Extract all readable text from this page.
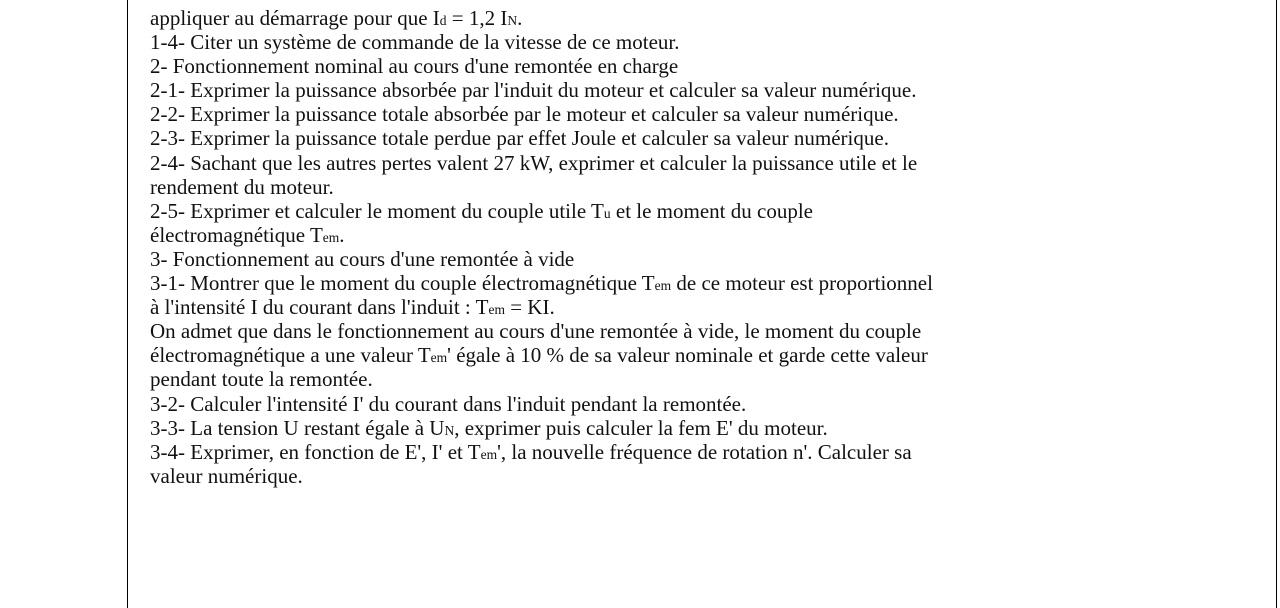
appliquer au démarrage pour que Id = 1,2 IN.
1-4- Citer un système de commande de la vitesse de ce moteur.
2- Fonctionnement nominal au cours d'une remontée en charge
2-1- Exprimer la puissance absorbée par l'induit du moteur et calculer sa valeur numérique.
2-2- Exprimer la puissance totale absorbée par le moteur et calculer sa valeur numérique.
2-3- Exprimer la puissance totale perdue par effet Joule et calculer sa valeur numérique.
2-4- Sachant que les autres pertes valent 27 kW, exprimer et calculer la puissance utile et le
rendement du moteur.
2-5- Exprimer et calculer le moment du couple utile Tu et le moment du couple
électromagnétique Tem.
3- Fonctionnement au cours d'une remontée à vide
3-1- Montrer que le moment du couple électromagnétique Tem de ce moteur est proportionnel
à l'intensité I du courant dans l'induit : Tem = KI.
On admet que dans le fonctionnement au cours d'une remontée à vide, le moment du couple
électromagnétique a une valeur Tem' égale à 10 % de sa valeur nominale et garde cette valeur
pendant toute la remontée.
3-2- Calculer l'intensité I' du courant dans l'induit pendant la remontée.
3-3- La tension U restant égale à UN, exprimer puis calculer la fem E' du moteur.
3-4- Exprimer, en fonction de E', I' et Tem', la nouvelle fréquence de rotation n'. Calculer sa
valeur numérique.
